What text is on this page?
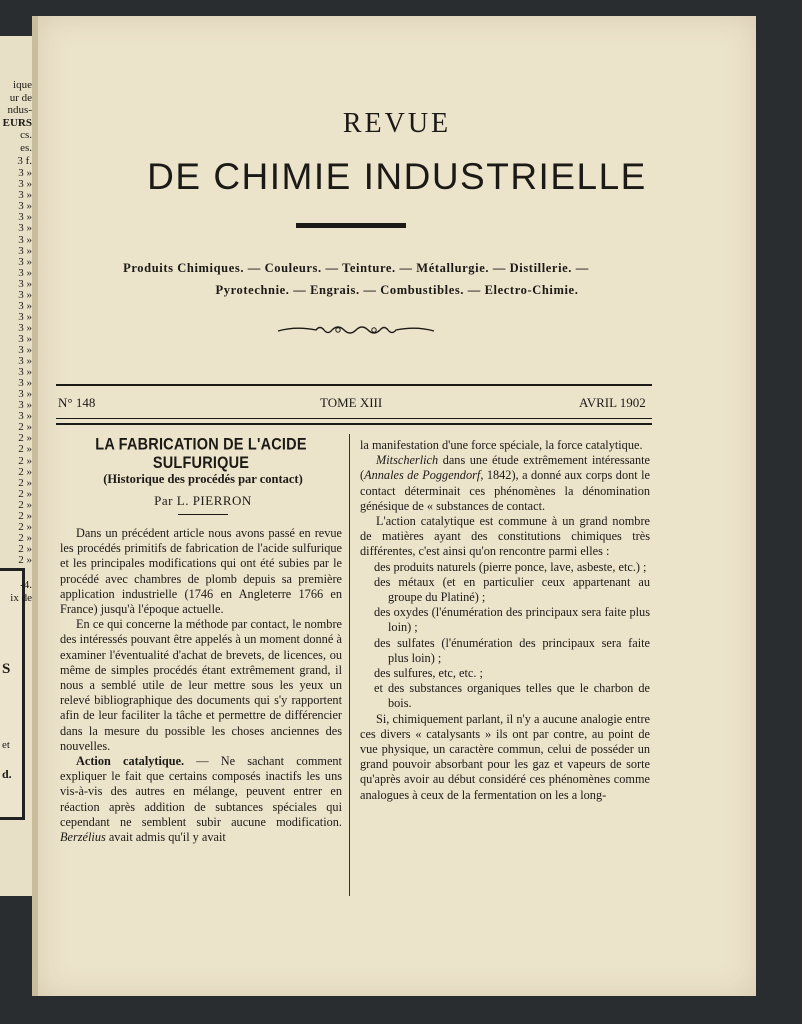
S
et
d.
ique
ur de
ndus-
EURS
cs.
es.
3 f.
3 »
3 »
3 »
3 »
3 »
3 »
3 »
3 »
3 »
3 »
3 »
3 »
3 »
3 »
3 »
3 »
3 »
3 »
3 »
3 »
3 »
3 »
3 »
2 »
2 »
2 »
2 »
2 »
2 »
2 »
2 »
2 »
2 »
2 »
2 »
2 »
-4.
ix de
REVUE
DE CHIMIE INDUSTRIELLE
Produits Chimiques. — Couleurs. — Teinture. — Métallurgie. — Distillerie. —
Pyrotechnie. — Engrais. — Combustibles. — Electro-Chimie.
N° 148	TOME XIII	AVRIL 1902
LA FABRICATION DE L'ACIDE SULFURIQUE
(Historique des procédés par contact)
Par L. PIERRON

Dans un précédent article nous avons passé en revue les procédés primitifs de fabrication de l'acide sulfurique et les principales modifications qui ont été subies par le procédé avec chambres de plomb depuis sa première application industrielle (1746 en Angleterre 1766 en France) jusqu'à l'époque actuelle.

En ce qui concerne la méthode par contact, le nombre des intéressés pouvant être appelés à un moment donné à examiner l'éventualité d'achat de brevets, de licences, ou même de simples procédés étant extrêmement grand, il nous a semblé utile de leur mettre sous les yeux un relevé bibliographique des documents qui s'y rapportent afin de leur faciliter la tâche et permettre de différencier dans la mesure du possible les choses anciennes des nouvelles.

Action catalytique. — Ne sachant comment expliquer le fait que certains composés inactifs les uns vis-à-vis des autres en mélange, peuvent entrer en réaction après addition de subtances spéciales qui cependant ne semblent subir aucune modification. Berzélius avait admis qu'il y avait

la manifestation d'une force spéciale, la force catalytique.

Mitscherlich dans une étude extrêmement intéressante (Annales de Poggendorf, 1842), a donné aux corps dont le contact déterminait ces phénomènes la dénomination génésique de « substances de contact.

L'action catalytique est commune à un grand nombre de matières ayant des constitutions chimiques très différentes, c'est ainsi qu'on rencontre parmi elles :

des produits naturels (pierre ponce, lave, asbeste, etc.) ;
des métaux (et en particulier ceux appartenant au groupe du Platiné) ;
des oxydes (l'énumération des principaux sera faite plus loin) ;
des sulfates (l'énumération des principaux sera faite plus loin) ;
des sulfures, etc, etc. ;
et des substances organiques telles que le charbon de bois.

Si, chimiquement parlant, il n'y a aucune analogie entre ces divers « catalysants » ils ont par contre, au point de vue physique, un caractère commun, celui de posséder un grand pouvoir absorbant pour les gaz et vapeurs de sorte qu'après avoir au début considéré ces phénomènes comme analogues à ceux de la fermentation on les a long-
